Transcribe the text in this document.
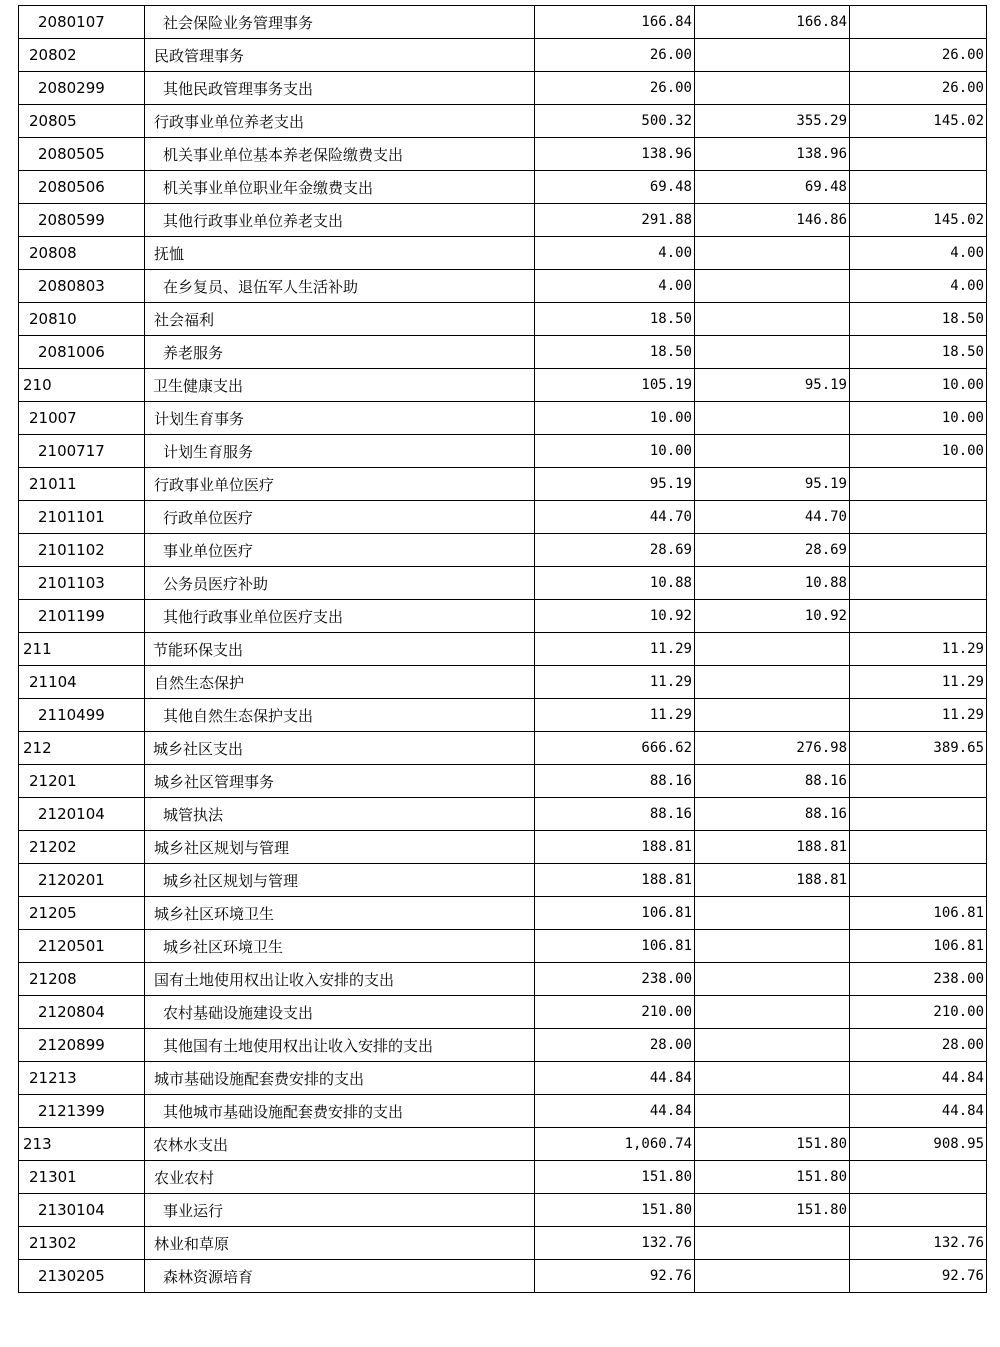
2080107	社会保险业务管理事务	166.84	166.84	
20802	民政管理事务	26.00		26.00
2080299	其他民政管理事务支出	26.00		26.00
20805	行政事业单位养老支出	500.32	355.29	145.02
2080505	机关事业单位基本养老保险缴费支出	138.96	138.96	
2080506	机关事业单位职业年金缴费支出	69.48	69.48	
2080599	其他行政事业单位养老支出	291.88	146.86	145.02
20808	抚恤	4.00		4.00
2080803	在乡复员、退伍军人生活补助	4.00		4.00
20810	社会福利	18.50		18.50
2081006	养老服务	18.50		18.50
210	卫生健康支出	105.19	95.19	10.00
21007	计划生育事务	10.00		10.00
2100717	计划生育服务	10.00		10.00
21011	行政事业单位医疗	95.19	95.19	
2101101	行政单位医疗	44.70	44.70	
2101102	事业单位医疗	28.69	28.69	
2101103	公务员医疗补助	10.88	10.88	
2101199	其他行政事业单位医疗支出	10.92	10.92	
211	节能环保支出	11.29		11.29
21104	自然生态保护	11.29		11.29
2110499	其他自然生态保护支出	11.29		11.29
212	城乡社区支出	666.62	276.98	389.65
21201	城乡社区管理事务	88.16	88.16	
2120104	城管执法	88.16	88.16	
21202	城乡社区规划与管理	188.81	188.81	
2120201	城乡社区规划与管理	188.81	188.81	
21205	城乡社区环境卫生	106.81		106.81
2120501	城乡社区环境卫生	106.81		106.81
21208	国有土地使用权出让收入安排的支出	238.00		238.00
2120804	农村基础设施建设支出	210.00		210.00
2120899	其他国有土地使用权出让收入安排的支出	28.00		28.00
21213	城市基础设施配套费安排的支出	44.84		44.84
2121399	其他城市基础设施配套费安排的支出	44.84		44.84
213	农林水支出	1,060.74	151.80	908.95
21301	农业农村	151.80	151.80	
2130104	事业运行	151.80	151.80	
21302	林业和草原	132.76		132.76
2130205	森林资源培育	92.76		92.76
